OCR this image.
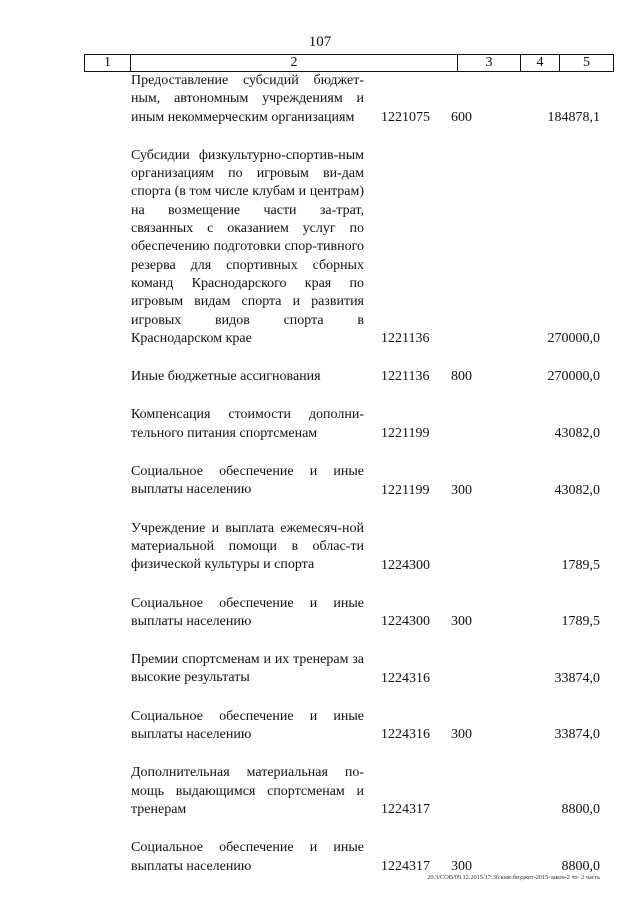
107
1	2	3	4	5
Предоставление субсидий бюджет-ным, автономным учреждениям и иным некоммерческим организациям	1221075 600	184878,1
Субсидии физкультурно-спортив-ным организациям по игровым ви-дам спорта (в том числе клубам и центрам) на возмещение части за-трат, связанных с оказанием услуг по обеспечению подготовки спор-тивного резерва для спортивных сборных команд Краснодарского края по игровым видам спорта и развития игровых видов спорта в Краснодарском крае	1221136	270000,0
Иные бюджетные ассигнования	1221136 800	270000,0
Компенсация стоимости дополни-тельного питания спортсменам	1221199	43082,0
Социальное обеспечение и иные выплаты населению	1221199 300	43082,0
Учреждение и выплата ежемесяч-ной материальной помощи в облас-ти физической культуры и спорта	1224300	1789,5
Социальное обеспечение и иные выплаты населению	1224300 300	1789,5
Премии спортсменам и их тренерам за высокие результаты	1224316	33874,0
Социальное обеспечение и иные выплаты населению	1224316 300	33874,0
Дополнительная материальная по-мощь выдающимся спортсменам и тренерам	1224317	8800,0
Социальное обеспечение и иные выплаты населению	1224317 300	8800,0
20.3/СОВ/09.12.2015/17:36/кмк-бюджет-2015-закон-2 чт- 2 часть
